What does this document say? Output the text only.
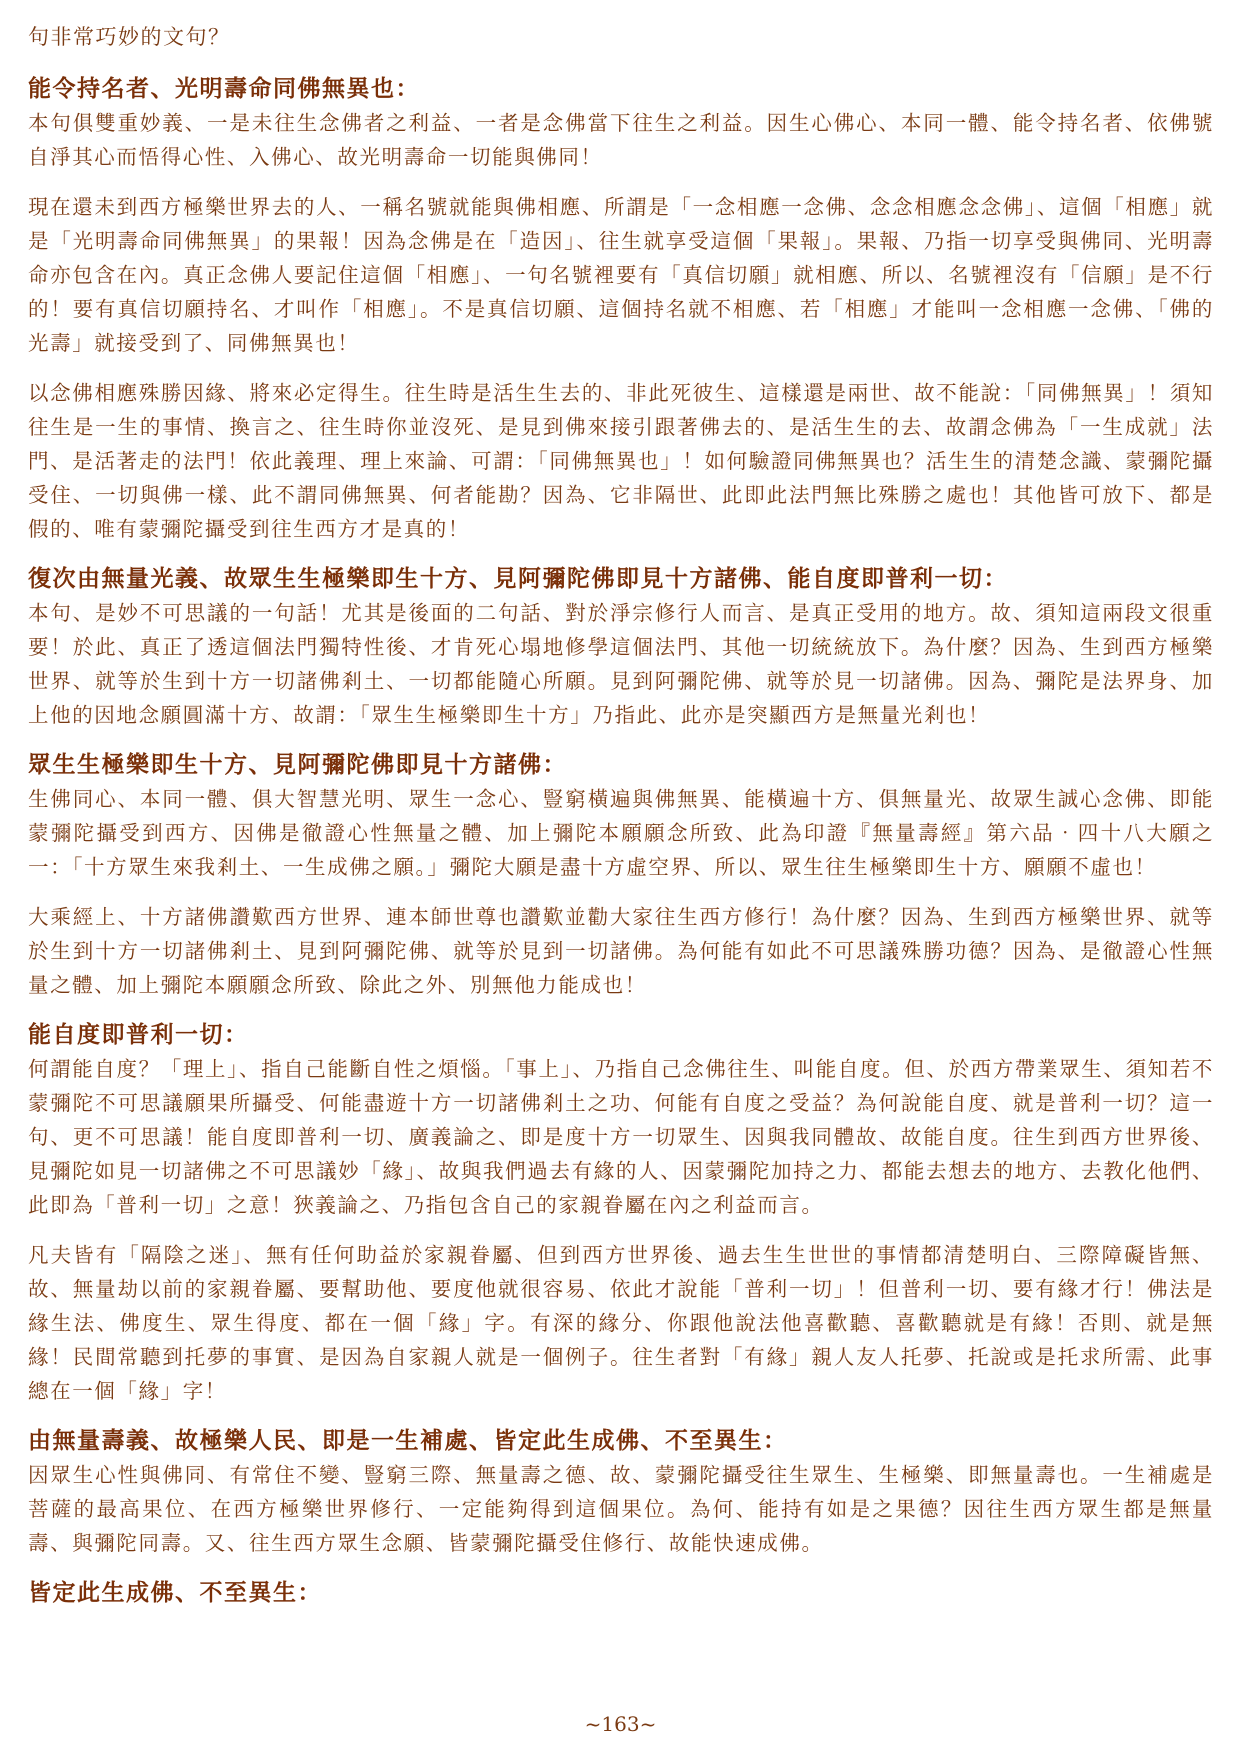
句非常巧妙的文句？
能令持名者、光明壽命同佛無異也：

本句俱雙重妙義、一是未往生念佛者之利益、一者是念佛當下往生之利益。因生心佛心、本同一體、能令持名者、依佛號自淨其心而悟得心性、入佛心、故光明壽命一切能與佛同！

現在還未到西方極樂世界去的人、一稱名號就能與佛相應、所謂是「一念相應一念佛、念念相應念念佛」、這個「相應」就是「光明壽命同佛無異」的果報！因為念佛是在「造因」、往生就享受這個「果報」。果報、乃指一切享受與佛同、光明壽命亦包含在內。真正念佛人要記住這個「相應」、一句名號裡要有「真信切願」就相應、所以、名號裡沒有「信願」是不行的！要有真信切願持名、才叫作「相應」。不是真信切願、這個持名就不相應、若「相應」才能叫一念相應一念佛、「佛的光壽」就接受到了、同佛無異也！

以念佛相應殊勝因緣、將來必定得生。往生時是活生生去的、非此死彼生、這樣還是兩世、故不能說：「同佛無異」！須知往生是一生的事情、換言之、往生時你並沒死、是見到佛來接引跟著佛去的、是活生生的去、故謂念佛為「一生成就」法門、是活著走的法門！依此義理、理上來論、可謂：「同佛無異也」！如何驗證同佛無異也？活生生的清楚念識、蒙彌陀攝受住、一切與佛一樣、此不謂同佛無異、何者能勘？因為、它非隔世、此即此法門無比殊勝之處也！其他皆可放下、都是假的、唯有蒙彌陀攝受到往生西方才是真的！

復次由無量光義、故眾生生極樂即生十方、見阿彌陀佛即見十方諸佛、能自度即普利一切：

本句、是妙不可思議的一句話！尤其是後面的二句話、對於淨宗修行人而言、是真正受用的地方。故、須知這兩段文很重要！於此、真正了透這個法門獨特性後、才肯死心塌地修學這個法門、其他一切統統放下。為什麼？因為、生到西方極樂世界、就等於生到十方一切諸佛剎土、一切都能隨心所願。見到阿彌陀佛、就等於見一切諸佛。因為、彌陀是法界身、加上他的因地念願圓滿十方、故謂：「眾生生極樂即生十方」乃指此、此亦是突顯西方是無量光剎也！

眾生生極樂即生十方、見阿彌陀佛即見十方諸佛：

生佛同心、本同一體、俱大智慧光明、眾生一念心、豎窮橫遍與佛無異、能橫遍十方、俱無量光、故眾生誠心念佛、即能蒙彌陀攝受到西方、因佛是徹證心性無量之體、加上彌陀本願願念所致、此為印證『無量壽經』第六品‧四十八大願之一：「十方眾生來我剎土、一生成佛之願。」彌陀大願是盡十方虛空界、所以、眾生往生極樂即生十方、願願不虛也！

大乘經上、十方諸佛讚歎西方世界、連本師世尊也讚歎並勸大家往生西方修行！為什麼？因為、生到西方極樂世界、就等於生到十方一切諸佛剎土、見到阿彌陀佛、就等於見到一切諸佛。為何能有如此不可思議殊勝功德？因為、是徹證心性無量之體、加上彌陀本願願念所致、除此之外、別無他力能成也！

能自度即普利一切：

何謂能自度？「理上」、指自己能斷自性之煩惱。「事上」、乃指自己念佛往生、叫能自度。但、於西方帶業眾生、須知若不蒙彌陀不可思議願果所攝受、何能盡遊十方一切諸佛剎土之功、何能有自度之受益？為何說能自度、就是普利一切？這一句、更不可思議！能自度即普利一切、廣義論之、即是度十方一切眾生、因與我同體故、故能自度。往生到西方世界後、見彌陀如見一切諸佛之不可思議妙「緣」、故與我們過去有緣的人、因蒙彌陀加持之力、都能去想去的地方、去教化他們、此即為「普利一切」之意！狹義論之、乃指包含自己的家親眷屬在內之利益而言。

凡夫皆有「隔陰之迷」、無有任何助益於家親眷屬、但到西方世界後、過去生生世世的事情都清楚明白、三際障礙皆無、故、無量劫以前的家親眷屬、要幫助他、要度他就很容易、依此才說能「普利一切」！但普利一切、要有緣才行！佛法是緣生法、佛度生、眾生得度、都在一個「緣」字。有深的緣分、你跟他說法他喜歡聽、喜歡聽就是有緣！否則、就是無緣！民間常聽到托夢的事實、是因為自家親人就是一個例子。往生者對「有緣」親人友人托夢、托說或是托求所需、此事總在一個「緣」字！

由無量壽義、故極樂人民、即是一生補處、皆定此生成佛、不至異生：

因眾生心性與佛同、有常住不變、豎窮三際、無量壽之德、故、蒙彌陀攝受往生眾生、生極樂、即無量壽也。一生補處是菩薩的最高果位、在西方極樂世界修行、一定能夠得到這個果位。為何、能持有如是之果德？因往生西方眾生都是無量壽、與彌陀同壽。又、往生西方眾生念願、皆蒙彌陀攝受住修行、故能快速成佛。

皆定此生成佛、不至異生：
~163~
